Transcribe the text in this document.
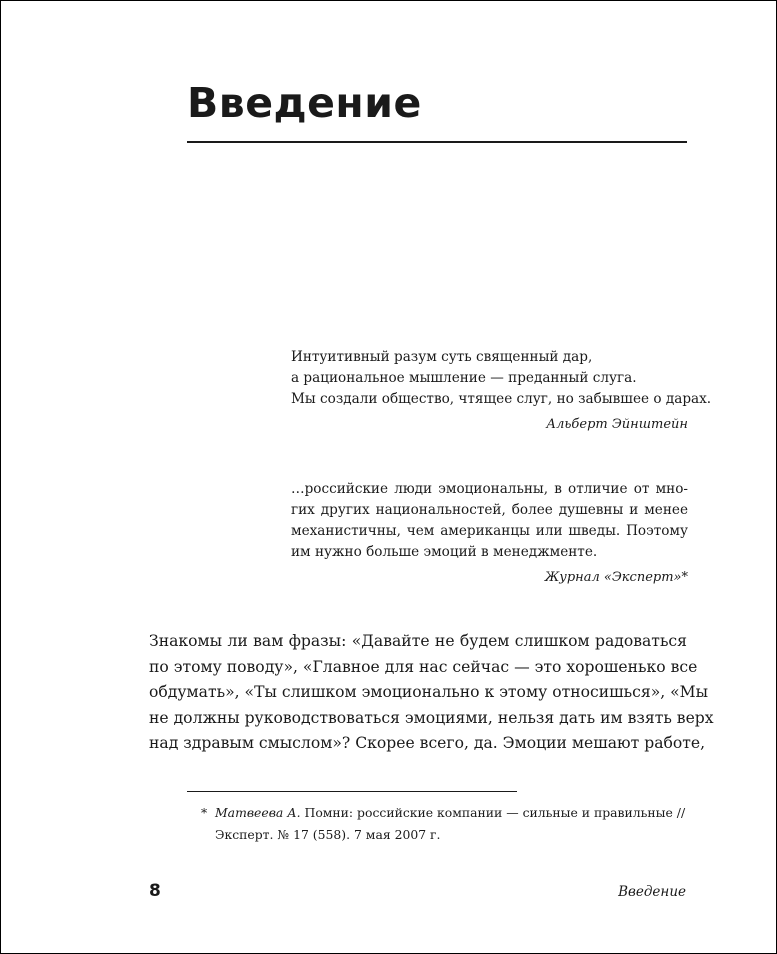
Введение
Интуитивный разум суть священный дар,
а рациональное мышление — преданный слуга.
Мы создали общество, чтящее слуг, но забывшее о дарах.
Альберт Эйнштейн
…российские люди эмоциональны, в отличие от мно-
гих других национальностей, более душевны и менее
механистичны, чем американцы или шведы. Поэтому
им нужно больше эмоций в менеджменте.
Журнал «Эксперт»*
Знакомы ли вам фразы: «Давайте не будем слишком радоваться
по этому поводу», «Главное для нас сейчас — это хорошенько все
обдумать», «Ты слишком эмоционально к этому относишься», «Мы
не должны руководствоваться эмоциями, нельзя дать им взять верх
над здравым смыслом»? Скорее всего, да. Эмоции мешают работе,
* Матвеева А. Помни: российские компании — сильные и правильные //
Эксперт. № 17 (558). 7 мая 2007 г.
8	Введение
